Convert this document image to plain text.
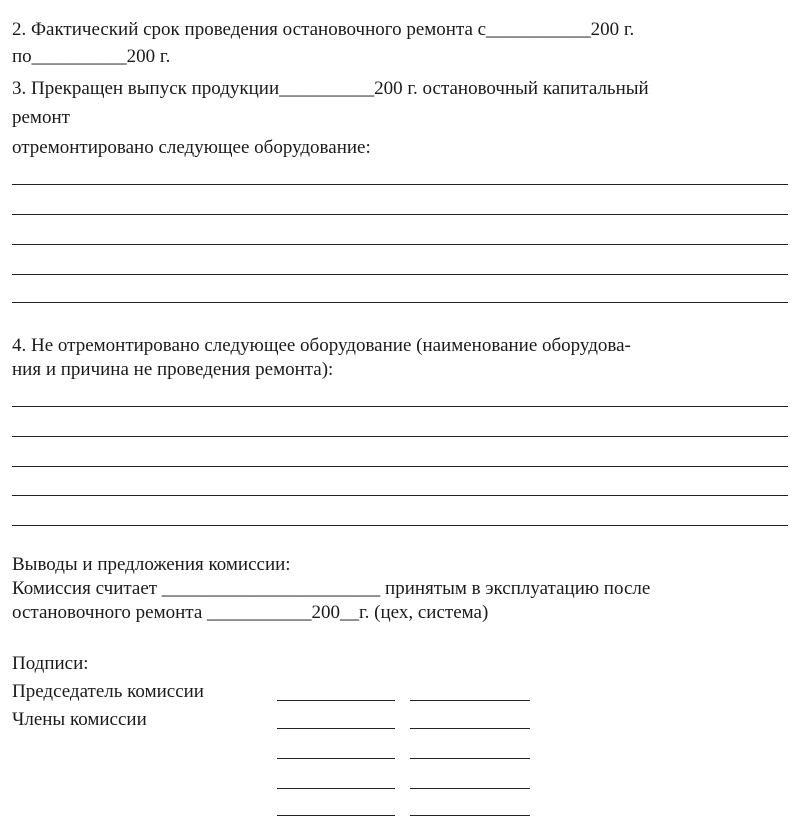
2. Фактический срок проведения остановочного ремонта с___________200 г.
по__________200 г.
3. Прекращен выпуск продукции__________200 г. остановочный капитальный
ремонт
отремонтировано следующее оборудование:
4. Не отремонтировано следующее оборудование (наименование оборудова-
ния и причина не проведения ремонта):
Выводы и предложения комиссии:
Комиссия считает _______________________ принятым в эксплуатацию после
остановочного ремонта ___________200__г. (цех, система)
Подписи:
Председатель комиссии
Члены комиссии
